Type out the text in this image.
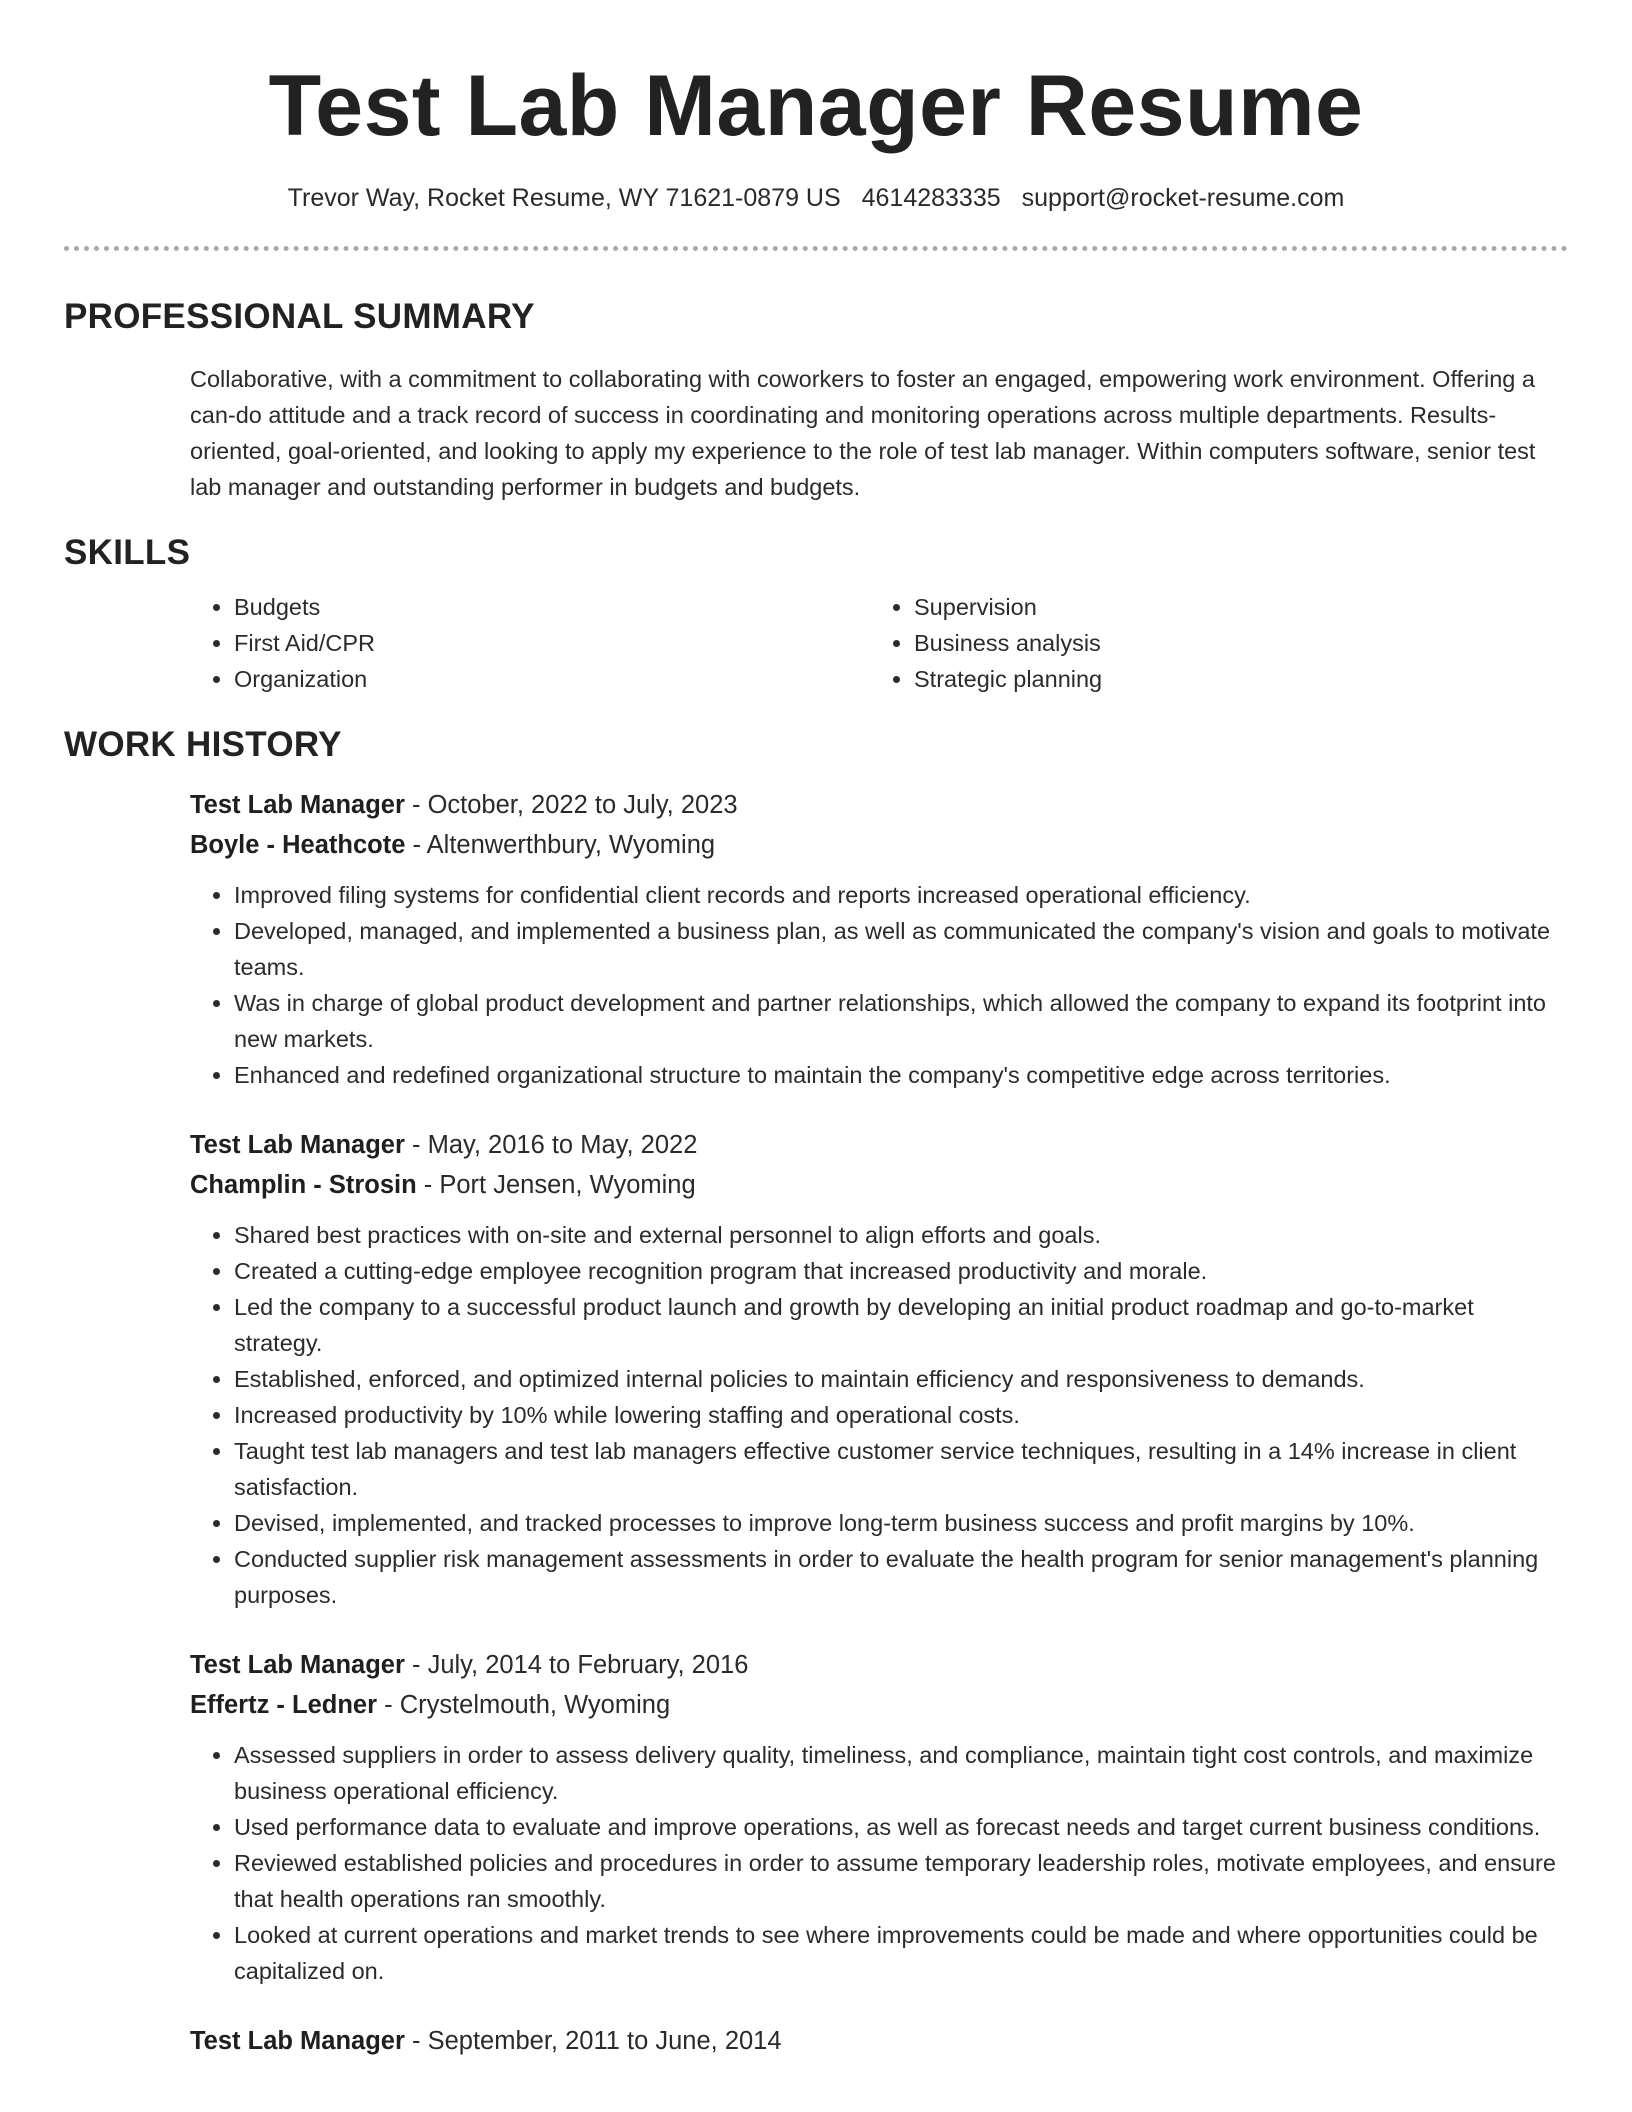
Test Lab Manager Resume
Trevor Way, Rocket Resume, WY 71621-0879 US 4614283335 support@rocket-resume.com
PROFESSIONAL SUMMARY

Collaborative, with a commitment to collaborating with coworkers to foster an engaged, empowering work environment. Offering a can-do attitude and a track record of success in coordinating and monitoring operations across multiple departments. Results-oriented, goal-oriented, and looking to apply my experience to the role of test lab manager. Within computers software, senior test lab manager and outstanding performer in budgets and budgets.

SKILLS
• Budgets
• First Aid/CPR
• Organization
• Supervision
• Business analysis
• Strategic planning
WORK HISTORY
Test Lab Manager - October, 2022 to July, 2023
Boyle - Heathcote - Altenwerthbury, Wyoming
• Improved filing systems for confidential client records and reports increased operational efficiency.
• Developed, managed, and implemented a business plan, as well as communicated the company's vision and goals to motivate teams.
• Was in charge of global product development and partner relationships, which allowed the company to expand its footprint into new markets.
• Enhanced and redefined organizational structure to maintain the company's competitive edge across territories.
Test Lab Manager - May, 2016 to May, 2022
Champlin - Strosin - Port Jensen, Wyoming
• Shared best practices with on-site and external personnel to align efforts and goals.
• Created a cutting-edge employee recognition program that increased productivity and morale.
• Led the company to a successful product launch and growth by developing an initial product roadmap and go-to-market strategy.
• Established, enforced, and optimized internal policies to maintain efficiency and responsiveness to demands.
• Increased productivity by 10% while lowering staffing and operational costs.
• Taught test lab managers and test lab managers effective customer service techniques, resulting in a 14% increase in client satisfaction.
• Devised, implemented, and tracked processes to improve long-term business success and profit margins by 10%.
• Conducted supplier risk management assessments in order to evaluate the health program for senior management's planning purposes.
Test Lab Manager - July, 2014 to February, 2016
Effertz - Ledner - Crystelmouth, Wyoming
• Assessed suppliers in order to assess delivery quality, timeliness, and compliance, maintain tight cost controls, and maximize business operational efficiency.
• Used performance data to evaluate and improve operations, as well as forecast needs and target current business conditions.
• Reviewed established policies and procedures in order to assume temporary leadership roles, motivate employees, and ensure that health operations ran smoothly.
• Looked at current operations and market trends to see where improvements could be made and where opportunities could be capitalized on.
Test Lab Manager - September, 2011 to June, 2014
